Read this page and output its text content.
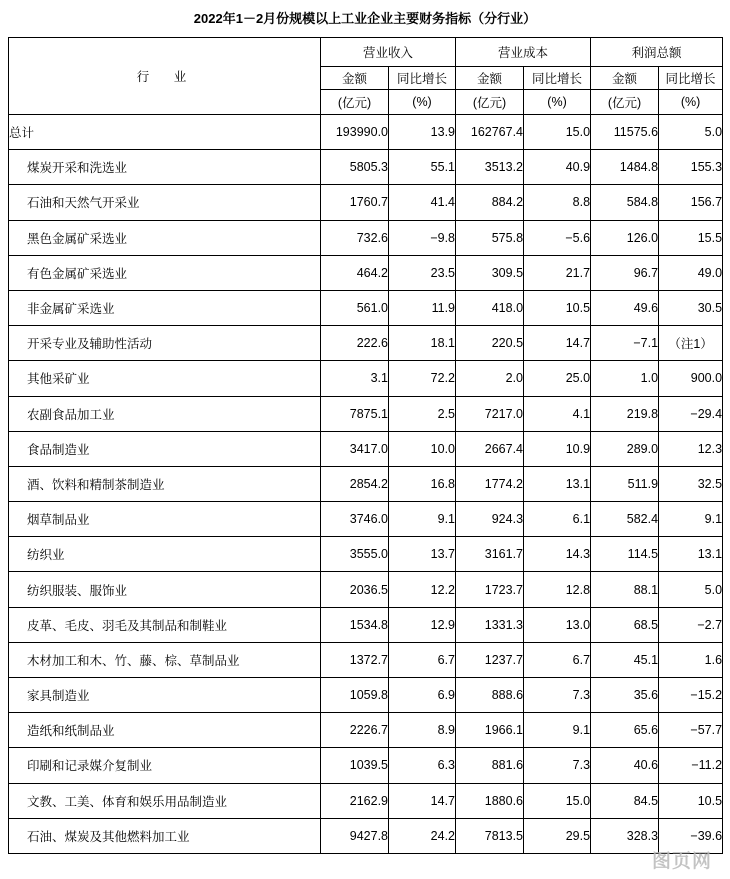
2022年1－2月份规模以上工业企业主要财务指标（分行业）
行　业	营业收入		营业成本		利润总额	
	金额	同比增长	金额	同比增长	金额	同比增长
	(亿元)	(%)	(亿元)	(%)	(亿元)	(%)
总计	193990.0	13.9	162767.4	15.0	11575.6	5.0
煤炭开采和洗选业	5805.3	55.1	3513.2	40.9	1484.8	155.3
石油和天然气开采业	1760.7	41.4	884.2	8.8	584.8	156.7
黑色金属矿采选业	732.6	−9.8	575.8	−5.6	126.0	15.5
有色金属矿采选业	464.2	23.5	309.5	21.7	96.7	49.0
非金属矿采选业	561.0	11.9	418.0	10.5	49.6	30.5
开采专业及辅助性活动	222.6	18.1	220.5	14.7	−7.1	（注1）
其他采矿业	3.1	72.2	2.0	25.0	1.0	900.0
农副食品加工业	7875.1	2.5	7217.0	4.1	219.8	−29.4
食品制造业	3417.0	10.0	2667.4	10.9	289.0	12.3
酒、饮料和精制茶制造业	2854.2	16.8	1774.2	13.1	511.9	32.5
烟草制品业	3746.0	9.1	924.3	6.1	582.4	9.1
纺织业	3555.0	13.7	3161.7	14.3	114.5	13.1
纺织服装、服饰业	2036.5	12.2	1723.7	12.8	88.1	5.0
皮革、毛皮、羽毛及其制品和制鞋业	1534.8	12.9	1331.3	13.0	68.5	−2.7
木材加工和木、竹、藤、棕、草制品业	1372.7	6.7	1237.7	6.7	45.1	1.6
家具制造业	1059.8	6.9	888.6	7.3	35.6	−15.2
造纸和纸制品业	2226.7	8.9	1966.1	9.1	65.6	−57.7
印刷和记录媒介复制业	1039.5	6.3	881.6	7.3	40.6	−11.2
文教、工美、体育和娱乐用品制造业	2162.9	14.7	1880.6	15.0	84.5	10.5
石油、煤炭及其他燃料加工业	9427.8	24.2	7813.5	29.5	328.3	−39.6
图页网
